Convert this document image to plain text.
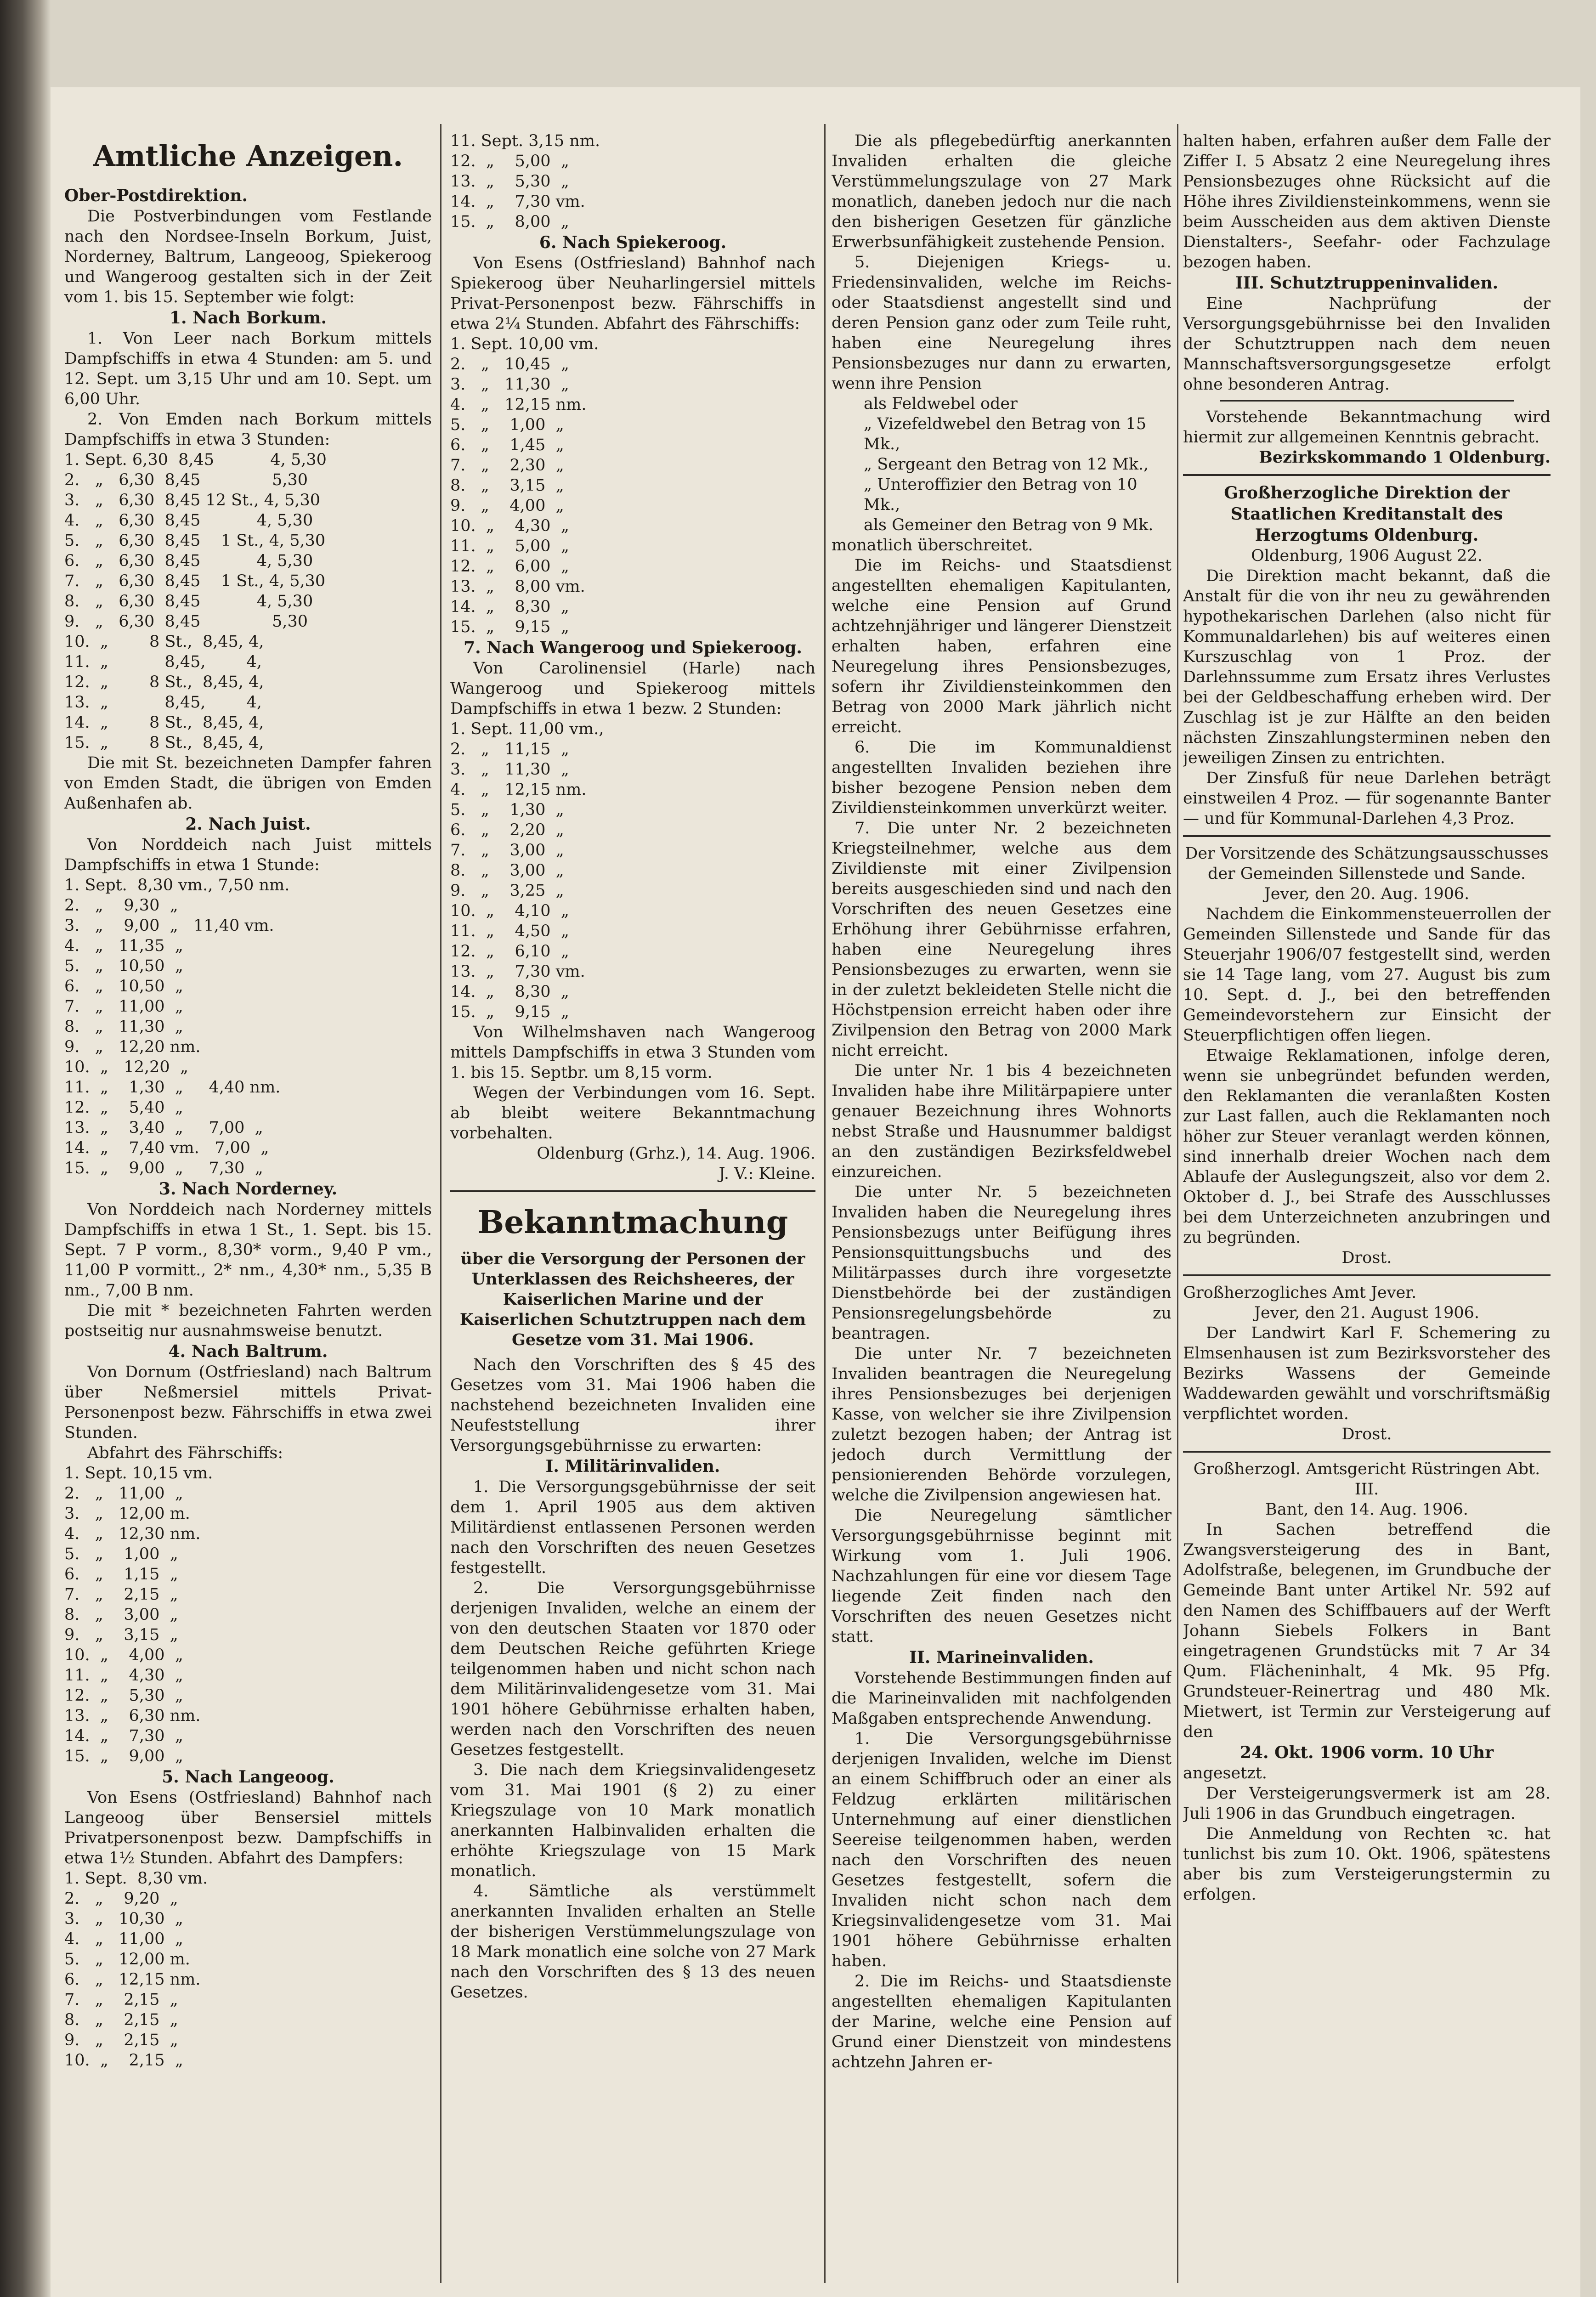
Amtliche Anzeigen.

Ober-Postdirektion.

Die Postverbindungen vom Festlande nach den Nordsee-Inseln Borkum, Juist, Norderney, Baltrum, Langeoog, Spiekeroog und Wangeroog gestalten sich in der Zeit vom 1. bis 15. September wie folgt:

1. Nach Borkum.

1. Von Leer nach Borkum mittels Dampfschiffs in etwa 4 Stunden: am 5. und 12. Sept. um 3,15 Uhr und am 10. Sept. um 6,00 Uhr.

2. Von Emden nach Borkum mittels Dampfschiffs in etwa 3 Stunden:

1. Sept. 6,30  8,45           4, 5,30
2.   „   6,30  8,45              5,30
3.   „   6,30  8,45 12 St., 4, 5,30
4.   „   6,30  8,45           4, 5,30
5.   „   6,30  8,45    1 St., 4, 5,30
6.   „   6,30  8,45           4, 5,30
7.   „   6,30  8,45    1 St., 4, 5,30
8.   „   6,30  8,45           4, 5,30
9.   „   6,30  8,45              5,30
10.  „        8 St.,  8,45, 4,
11.  „           8,45,        4,
12.  „        8 St.,  8,45, 4,
13.  „           8,45,        4,
14.  „        8 St.,  8,45, 4,
15.  „        8 St.,  8,45, 4,

Die mit St. bezeichneten Dampfer fahren von Emden Stadt, die übrigen von Emden Außenhafen ab.

2. Nach Juist.

Von Norddeich nach Juist mittels Dampfschiffs in etwa 1 Stunde:

1. Sept.  8,30 vm., 7,50 nm.
2.   „    9,30  „
3.   „    9,00  „   11,40 vm.
4.   „   11,35  „
5.   „   10,50  „
6.   „   10,50  „
7.   „   11,00  „
8.   „   11,30  „
9.   „   12,20 nm.
10.  „   12,20  „
11.  „    1,30  „     4,40 nm.
12.  „    5,40  „
13.  „    3,40  „     7,00  „
14.  „    7,40 vm.   7,00  „
15.  „    9,00  „     7,30  „

3. Nach Norderney.

Von Norddeich nach Norderney mittels Dampfschiffs in etwa 1 St., 1. Sept. bis 15. Sept. 7 P vorm., 8,30* vorm., 9,40 P vm., 11,00 P vormitt., 2* nm., 4,30* nm., 5,35 B nm., 7,00 B nm.

Die mit * bezeichneten Fahrten werden postseitig nur ausnahmsweise benutzt.

4. Nach Baltrum.

Von Dornum (Ostfriesland) nach Baltrum über Neßmersiel mittels Privat-Personenpost bezw. Fährschiffs in etwa zwei Stunden.

Abfahrt des Fährschiffs:

1. Sept. 10,15 vm.
2.   „   11,00  „
3.   „   12,00 m.
4.   „   12,30 nm.
5.   „    1,00  „
6.   „    1,15  „
7.   „    2,15  „
8.   „    3,00  „
9.   „    3,15  „
10.  „    4,00  „
11.  „    4,30  „
12.  „    5,30  „
13.  „    6,30 nm.
14.  „    7,30  „
15.  „    9,00  „

5. Nach Langeoog.

Von Esens (Ostfriesland) Bahnhof nach Langeoog über Bensersiel mittels Privatpersonenpost bezw. Dampfschiffs in etwa 1½ Stunden. Abfahrt des Dampfers:

1. Sept.  8,30 vm.
2.   „    9,20  „
3.   „   10,30  „
4.   „   11,00  „
5.   „   12,00 m.
6.   „   12,15 nm.
7.   „    2,15  „
8.   „    2,15  „
9.   „    2,15  „
10.  „    2,15  „
11. Sept. 3,15 nm.
12.  „    5,00  „
13.  „    5,30  „
14.  „    7,30 vm.
15.  „    8,00  „

6. Nach Spiekeroog.

Von Esens (Ostfriesland) Bahnhof nach Spiekeroog über Neuharlingersiel mittels Privat-Personenpost bezw. Fährschiffs in etwa 2¼ Stunden. Abfahrt des Fährschiffs:

1. Sept. 10,00 vm.
2.   „   10,45  „
3.   „   11,30  „
4.   „   12,15 nm.
5.   „    1,00  „
6.   „    1,45  „
7.   „    2,30  „
8.   „    3,15  „
9.   „    4,00  „
10.  „    4,30  „
11.  „    5,00  „
12.  „    6,00  „
13.  „    8,00 vm.
14.  „    8,30  „
15.  „    9,15  „

7. Nach Wangeroog und Spiekeroog.

Von Carolinensiel (Harle) nach Wangeroog und Spiekeroog mittels Dampfschiffs in etwa 1 bezw. 2 Stunden:

1. Sept. 11,00 vm.,
2.   „   11,15  „
3.   „   11,30  „
4.   „   12,15 nm.
5.   „    1,30  „
6.   „    2,20  „
7.   „    3,00  „
8.   „    3,00  „
9.   „    3,25  „
10.  „    4,10  „
11.  „    4,50  „
12.  „    6,10  „
13.  „    7,30 vm.
14.  „    8,30  „
15.  „    9,15  „

Von Wilhelmshaven nach Wangeroog mittels Dampfschiffs in etwa 3 Stunden vom 1. bis 15. Septbr. um 8,15 vorm.

Wegen der Verbindungen vom 16. Sept. ab bleibt weitere Bekanntmachung vorbehalten.

Oldenburg (Grhz.), 14. Aug. 1906.

J. V.: Kleine.

Bekanntmachung

über die Versorgung der Personen der Unterklassen des Reichsheeres, der Kaiserlichen Marine und der Kaiserlichen Schutztruppen nach dem Gesetze vom 31. Mai 1906.

Nach den Vorschriften des § 45 des Gesetzes vom 31. Mai 1906 haben die nachstehend bezeichneten Invaliden eine Neufeststellung ihrer Versorgungsgebührnisse zu erwarten:

I. Militärinvaliden.

1. Die Versorgungsgebührnisse der seit dem 1. April 1905 aus dem aktiven Militärdienst entlassenen Personen werden nach den Vorschriften des neuen Gesetzes festgestellt.

2. Die Versorgungsgebührnisse derjenigen Invaliden, welche an einem der von den deutschen Staaten vor 1870 oder dem Deutschen Reiche geführten Kriege teilgenommen haben und nicht schon nach dem Militärinvalidengesetze vom 31. Mai 1901 höhere Gebührnisse erhalten haben, werden nach den Vorschriften des neuen Gesetzes festgestellt.

3. Die nach dem Kriegsinvalidengesetz vom 31. Mai 1901 (§ 2) zu einer Kriegszulage von 10 Mark monatlich anerkannten Halbinvaliden erhalten die erhöhte Kriegszulage von 15 Mark monatlich.

4. Sämtliche als verstümmelt anerkannten Invaliden erhalten an Stelle der bisherigen Verstümmelungszulage von 18 Mark monatlich eine solche von 27 Mark nach den Vorschriften des § 13 des neuen Gesetzes.

Die als pflegebedürftig anerkannten Invaliden erhalten die gleiche Verstümmelungszulage von 27 Mark monatlich, daneben jedoch nur die nach den bisherigen Gesetzen für gänzliche Erwerbsunfähigkeit zustehende Pension.

5. Diejenigen Kriegs- u. Friedensinvaliden, welche im Reichs- oder Staatsdienst angestellt sind und deren Pension ganz oder zum Teile ruht, haben eine Neuregelung ihres Pensionsbezuges nur dann zu erwarten, wenn ihre Pension

als Feldwebel oder
„ Vizefeldwebel den Betrag von 15 Mk.,
„ Sergeant den Betrag von 12 Mk.,
„ Unteroffizier den Betrag von 10 Mk.,
als Gemeiner den Betrag von 9 Mk.

monatlich überschreitet.

Die im Reichs- und Staatsdienst angestellten ehemaligen Kapitulanten, welche eine Pension auf Grund achtzehnjähriger und längerer Dienstzeit erhalten haben, erfahren eine Neuregelung ihres Pensionsbezuges, sofern ihr Zivildiensteinkommen den Betrag von 2000 Mark jährlich nicht erreicht.

6. Die im Kommunaldienst angestellten Invaliden beziehen ihre bisher bezogene Pension neben dem Zivildiensteinkommen unverkürzt weiter.

7. Die unter Nr. 2 bezeichneten Kriegsteilnehmer, welche aus dem Zivildienste mit einer Zivilpension bereits ausgeschieden sind und nach den Vorschriften des neuen Gesetzes eine Erhöhung ihrer Gebührnisse erfahren, haben eine Neuregelung ihres Pensionsbezuges zu erwarten, wenn sie in der zuletzt bekleideten Stelle nicht die Höchstpension erreicht haben oder ihre Zivilpension den Betrag von 2000 Mark nicht erreicht.

Die unter Nr. 1 bis 4 bezeichneten Invaliden habe ihre Militärpapiere unter genauer Bezeichnung ihres Wohnorts nebst Straße und Hausnummer baldigst an den zuständigen Bezirksfeldwebel einzureichen.

Die unter Nr. 5 bezeichneten Invaliden haben die Neuregelung ihres Pensionsbezugs unter Beifügung ihres Pensionsquittungsbuchs und des Militärpasses durch ihre vorgesetzte Dienstbehörde bei der zuständigen Pensionsregelungsbehörde zu beantragen.

Die unter Nr. 7 bezeichneten Invaliden beantragen die Neuregelung ihres Pensionsbezuges bei derjenigen Kasse, von welcher sie ihre Zivilpension zuletzt bezogen haben; der Antrag ist jedoch durch Vermittlung der pensionierenden Behörde vorzulegen, welche die Zivilpension angewiesen hat.

Die Neuregelung sämtlicher Versorgungsgebührnisse beginnt mit Wirkung vom 1. Juli 1906. Nachzahlungen für eine vor diesem Tage liegende Zeit finden nach den Vorschriften des neuen Gesetzes nicht statt.

II. Marineinvaliden.

Vorstehende Bestimmungen finden auf die Marineinvaliden mit nachfolgenden Maßgaben entsprechende Anwendung.

1. Die Versorgungsgebührnisse derjenigen Invaliden, welche im Dienst an einem Schiffbruch oder an einer als Feldzug erklärten militärischen Unternehmung auf einer dienstlichen Seereise teilgenommen haben, werden nach den Vorschriften des neuen Gesetzes festgestellt, sofern die Invaliden nicht schon nach dem Kriegsinvalidengesetze vom 31. Mai 1901 höhere Gebührnisse erhalten haben.

2. Die im Reichs- und Staatsdienste angestellten ehemaligen Kapitulanten der Marine, welche eine Pension auf Grund einer Dienstzeit von mindestens achtzehn Jahren er-

halten haben, erfahren außer dem Falle der Ziffer I. 5 Absatz 2 eine Neuregelung ihres Pensionsbezuges ohne Rücksicht auf die Höhe ihres Zivildiensteinkommens, wenn sie beim Ausscheiden aus dem aktiven Dienste Dienstalters-, Seefahr- oder Fachzulage bezogen haben.

III. Schutztruppeninvaliden.

Eine Nachprüfung der Versorgungsgebührnisse bei den Invaliden der Schutztruppen nach dem neuen Mannschaftsversorgungsgesetze erfolgt ohne besonderen Antrag.

Vorstehende Bekanntmachung wird hiermit zur allgemeinen Kenntnis gebracht.

Bezirkskommando 1 Oldenburg.

Großherzogliche Direktion der Staatlichen Kreditanstalt des Herzogtums Oldenburg.

Oldenburg, 1906 August 22.

Die Direktion macht bekannt, daß die Anstalt für die von ihr neu zu gewährenden hypothekarischen Darlehen (also nicht für Kommunaldarlehen) bis auf weiteres einen Kurszuschlag von 1 Proz. der Darlehnssumme zum Ersatz ihres Verlustes bei der Geldbeschaffung erheben wird. Der Zuschlag ist je zur Hälfte an den beiden nächsten Zinszahlungsterminen neben den jeweiligen Zinsen zu entrichten.

Der Zinsfuß für neue Darlehen beträgt einstweilen 4 Proz. — für sogenannte Banter — und für Kommunal-Darlehen 4,3 Proz.

Der Vorsitzende des Schätzungsausschusses der Gemeinden Sillenstede und Sande.

Jever, den 20. Aug. 1906.

Nachdem die Einkommensteuerrollen der Gemeinden Sillenstede und Sande für das Steuerjahr 1906/07 festgestellt sind, werden sie 14 Tage lang, vom 27. August bis zum 10. Sept. d. J., bei den betreffenden Gemeindevorstehern zur Einsicht der Steuerpflichtigen offen liegen.

Etwaige Reklamationen, infolge deren, wenn sie unbegründet befunden werden, den Reklamanten die veranlaßten Kosten zur Last fallen, auch die Reklamanten noch höher zur Steuer veranlagt werden können, sind innerhalb dreier Wochen nach dem Ablaufe der Auslegungszeit, also vor dem 2. Oktober d. J., bei Strafe des Ausschlusses bei dem Unterzeichneten anzubringen und zu begründen.

Drost.

Großherzogliches Amt Jever.

Jever, den 21. August 1906.

Der Landwirt Karl F. Schemering zu Elmsenhausen ist zum Bezirksvorsteher des Bezirks Wassens der Gemeinde Waddewarden gewählt und vorschriftsmäßig verpflichtet worden.

Drost.

Großherzogl. Amtsgericht Rüstringen Abt. III.

Bant, den 14. Aug. 1906.

In Sachen betreffend die Zwangsversteigerung des in Bant, Adolfstraße, belegenen, im Grundbuche der Gemeinde Bant unter Artikel Nr. 592 auf den Namen des Schiffbauers auf der Werft Johann Siebels Folkers in Bant eingetragenen Grundstücks mit 7 Ar 34 Qum. Flächeninhalt, 4 Mk. 95 Pfg. Grundsteuer-Reinertrag und 480 Mk. Mietwert, ist Termin zur Versteigerung auf den

24. Okt. 1906 vorm. 10 Uhr

angesetzt.

Der Versteigerungsvermerk ist am 28. Juli 1906 in das Grundbuch eingetragen.

Die Anmeldung von Rechten ꝛc. hat tunlichst bis zum 10. Okt. 1906, spätestens aber bis zum Versteigerungstermin zu erfolgen.
